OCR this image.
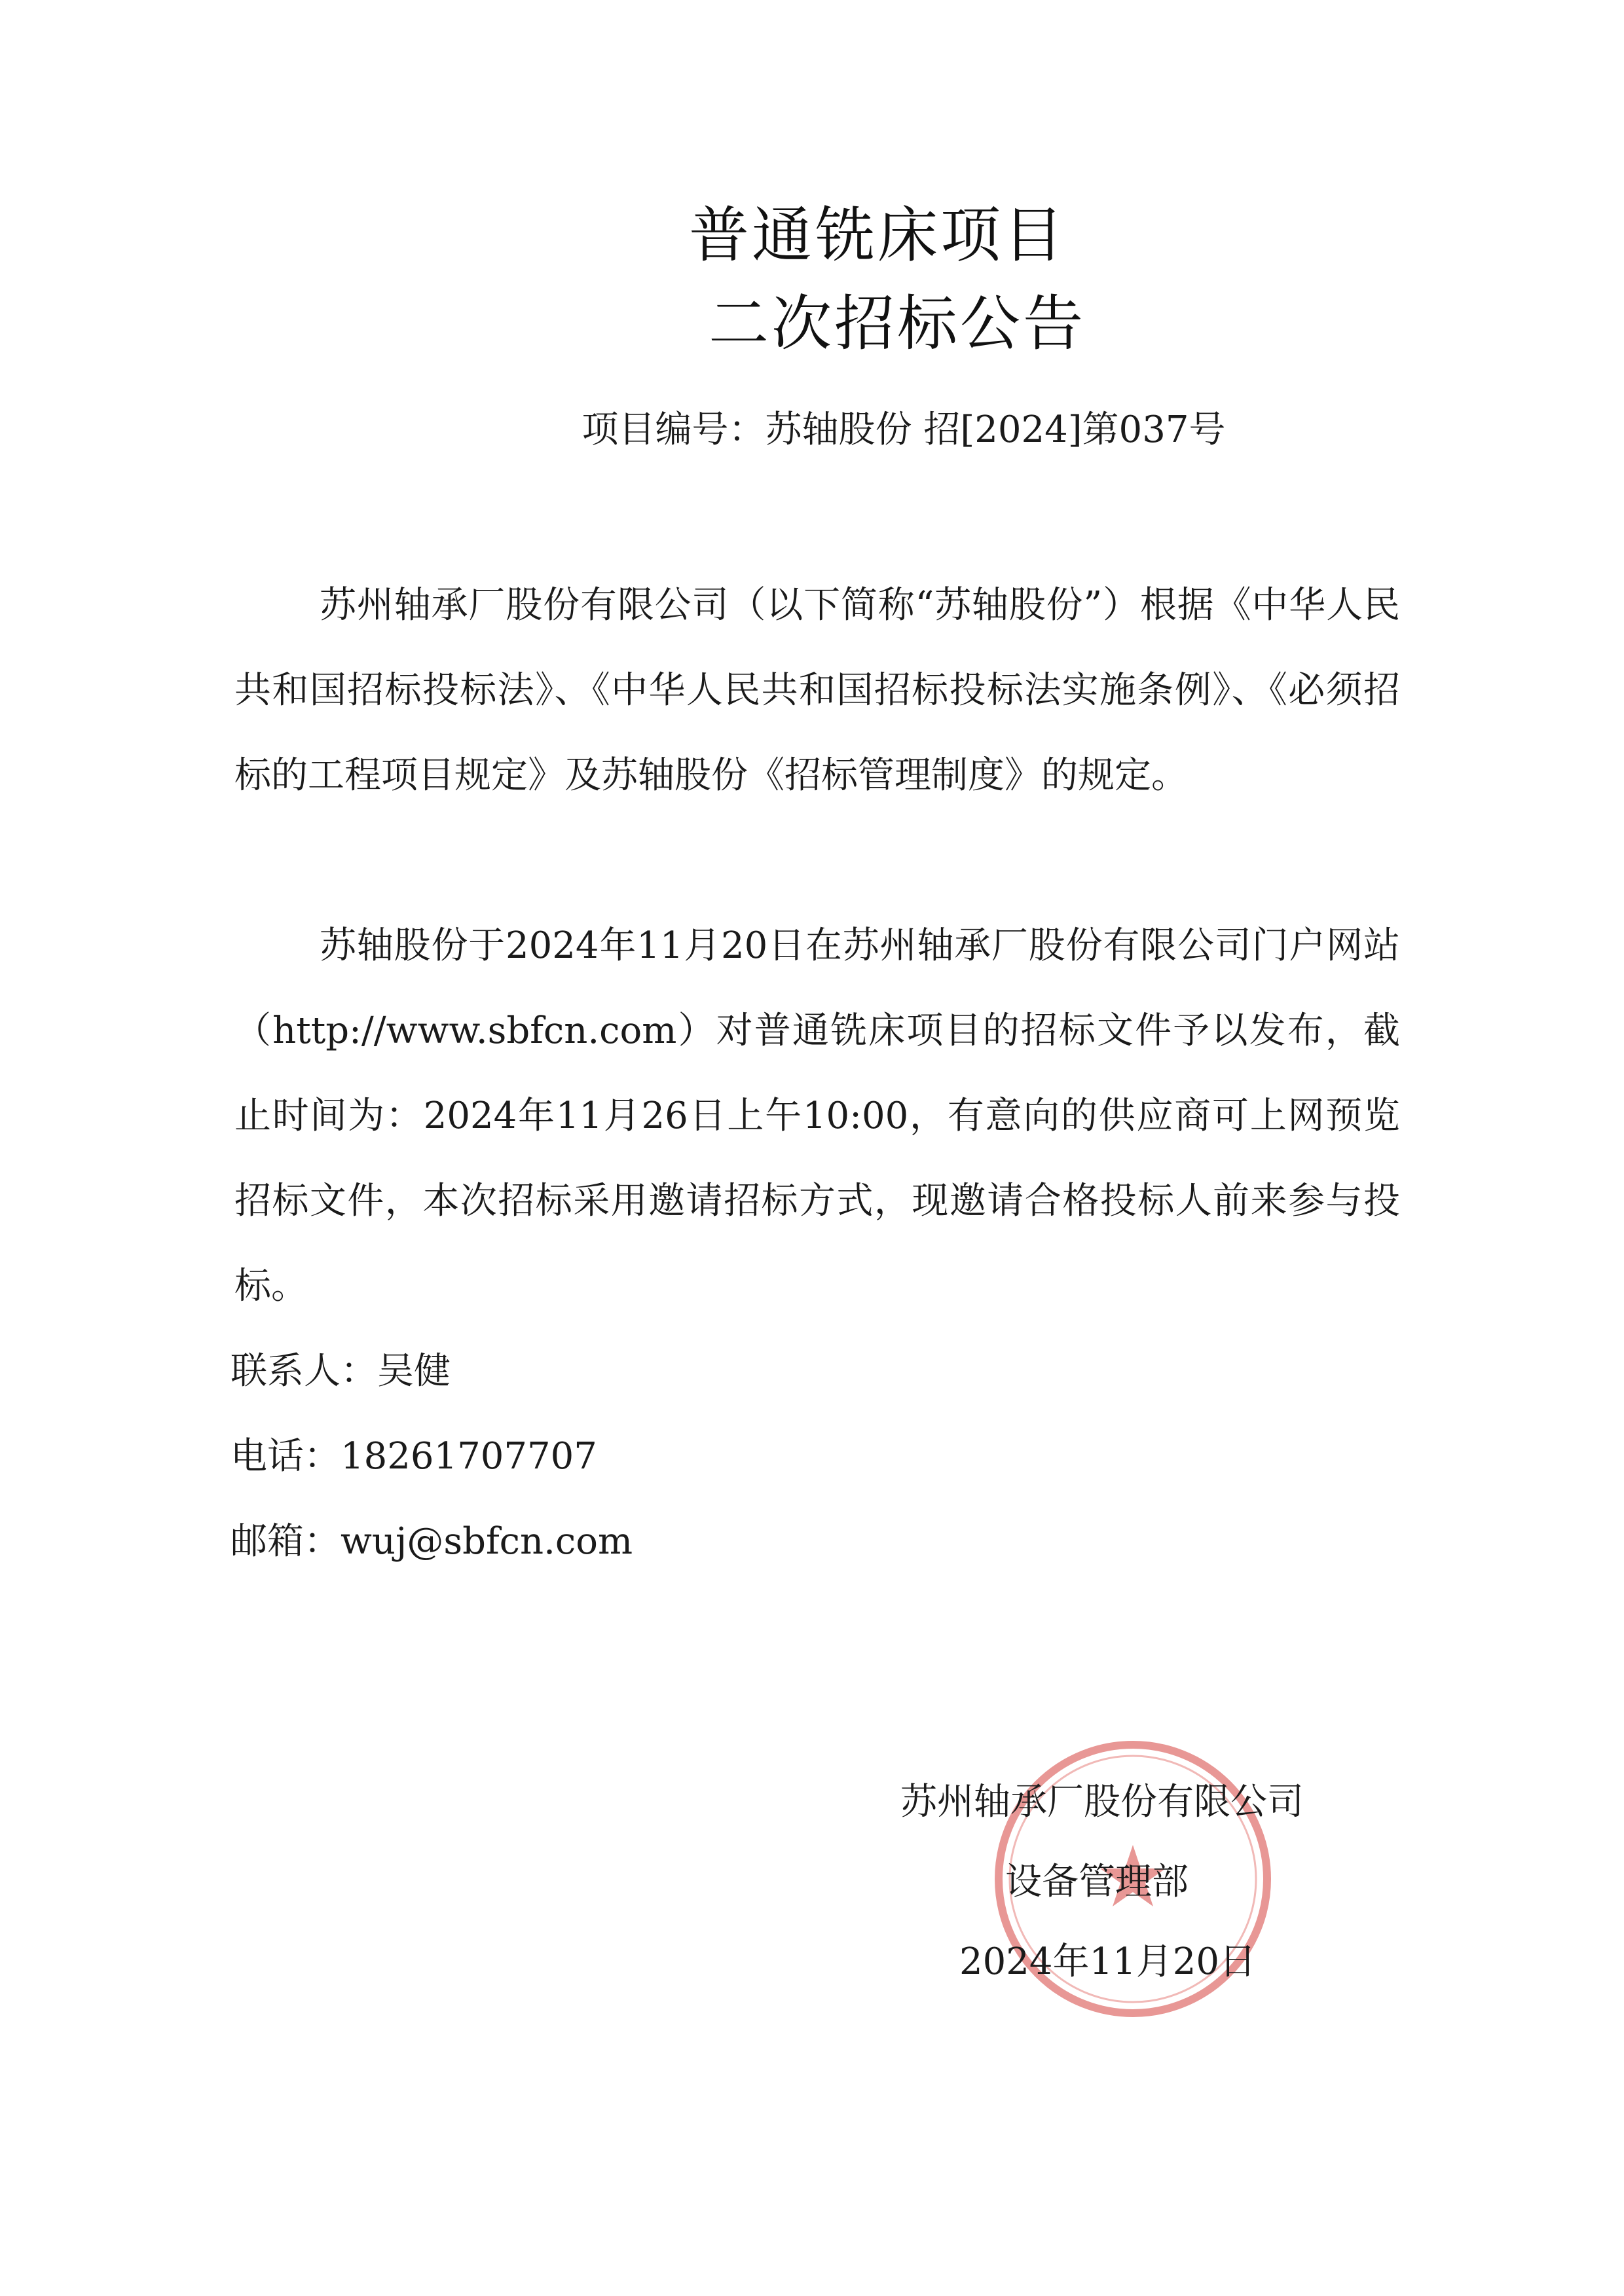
普通铣床项目
二次招标公告
项目编号：苏轴股份 招[2024]第037号

苏州轴承厂股份有限公司（以下简称“苏轴股份”）根据《中华人民共和国招标投标法》、《中华人民共和国招标投标法实施条例》、《必须招标的工程项目规定》及苏轴股份《招标管理制度》的规定。

苏轴股份于2024年11月20日在苏州轴承厂股份有限公司门户网站（http://www.sbfcn.com）对普通铣床项目的招标文件予以发布，截止时间为：2024年11月26日上午10:00，有意向的供应商可上网预览招标文件，本次招标采用邀请招标方式，现邀请合格投标人前来参与投标。

联系人：吴健
电话：18261707707
邮箱：wuj@sbfcn.com
苏州轴承厂股份有限公司
设备管理部
2024年11月20日
